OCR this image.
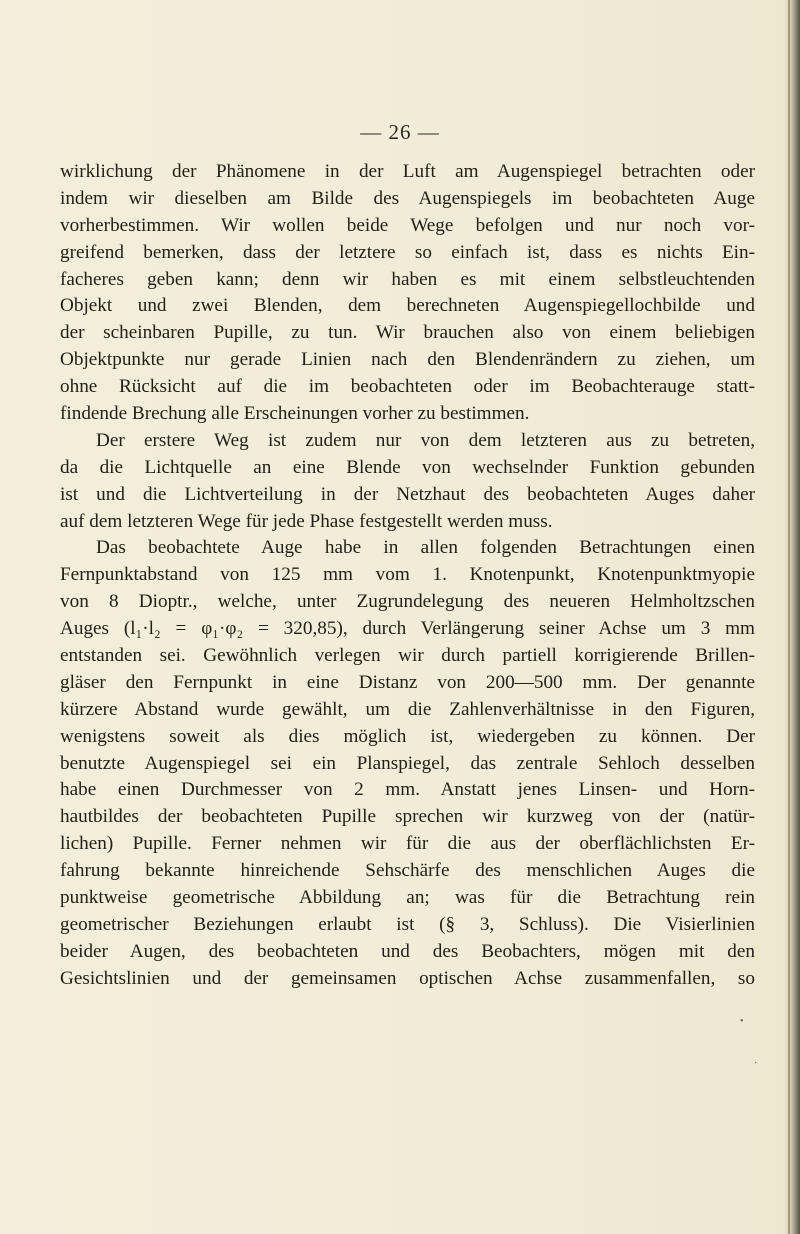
— 26 —
wirklichung der Phänomene in der Luft am Augenspiegel betrachten oder
indem wir dieselben am Bilde des Augenspiegels im beobachteten Auge
vorherbestimmen. Wir wollen beide Wege befolgen und nur noch vor-
greifend bemerken, dass der letztere so einfach ist, dass es nichts Ein-
facheres geben kann; denn wir haben es mit einem selbstleuchtenden
Objekt und zwei Blenden, dem berechneten Augenspiegellochbilde und
der scheinbaren Pupille, zu tun. Wir brauchen also von einem beliebigen
Objektpunkte nur gerade Linien nach den Blendenrändern zu ziehen, um
ohne Rücksicht auf die im beobachteten oder im Beobachterauge statt-
findende Brechung alle Erscheinungen vorher zu bestimmen.
Der erstere Weg ist zudem nur von dem letzteren aus zu betreten,
da die Lichtquelle an eine Blende von wechselnder Funktion gebunden
ist und die Lichtverteilung in der Netzhaut des beobachteten Auges daher
auf dem letzteren Wege für jede Phase festgestellt werden muss.
Das beobachtete Auge habe in allen folgenden Betrachtungen einen
Fernpunktabstand von 125 mm vom 1. Knotenpunkt, Knotenpunktmyopie
von 8 Dioptr., welche, unter Zugrundelegung des neueren Helmholtzschen
Auges (l₁·l₂ = φ₁·φ₂ = 320,85), durch Verlängerung seiner Achse um 3 mm
entstanden sei. Gewöhnlich verlegen wir durch partiell korrigierende Brillen-
gläser den Fernpunkt in eine Distanz von 200—500 mm. Der genannte
kürzere Abstand wurde gewählt, um die Zahlenverhältnisse in den Figuren,
wenigstens soweit als dies möglich ist, wiedergeben zu können. Der
benutzte Augenspiegel sei ein Planspiegel, das zentrale Sehloch desselben
habe einen Durchmesser von 2 mm. Anstatt jenes Linsen- und Horn-
hautbildes der beobachteten Pupille sprechen wir kurzweg von der (natür-
lichen) Pupille. Ferner nehmen wir für die aus der oberflächlichsten Er-
fahrung bekannte hinreichende Sehschärfe des menschlichen Auges die
punktweise geometrische Abbildung an; was für die Betrachtung rein
geometrischer Beziehungen erlaubt ist (§ 3, Schluss). Die Visierlinien
beider Augen, des beobachteten und des Beobachters, mögen mit den
Gesichtslinien und der gemeinsamen optischen Achse zusammenfallen, so
•
·
